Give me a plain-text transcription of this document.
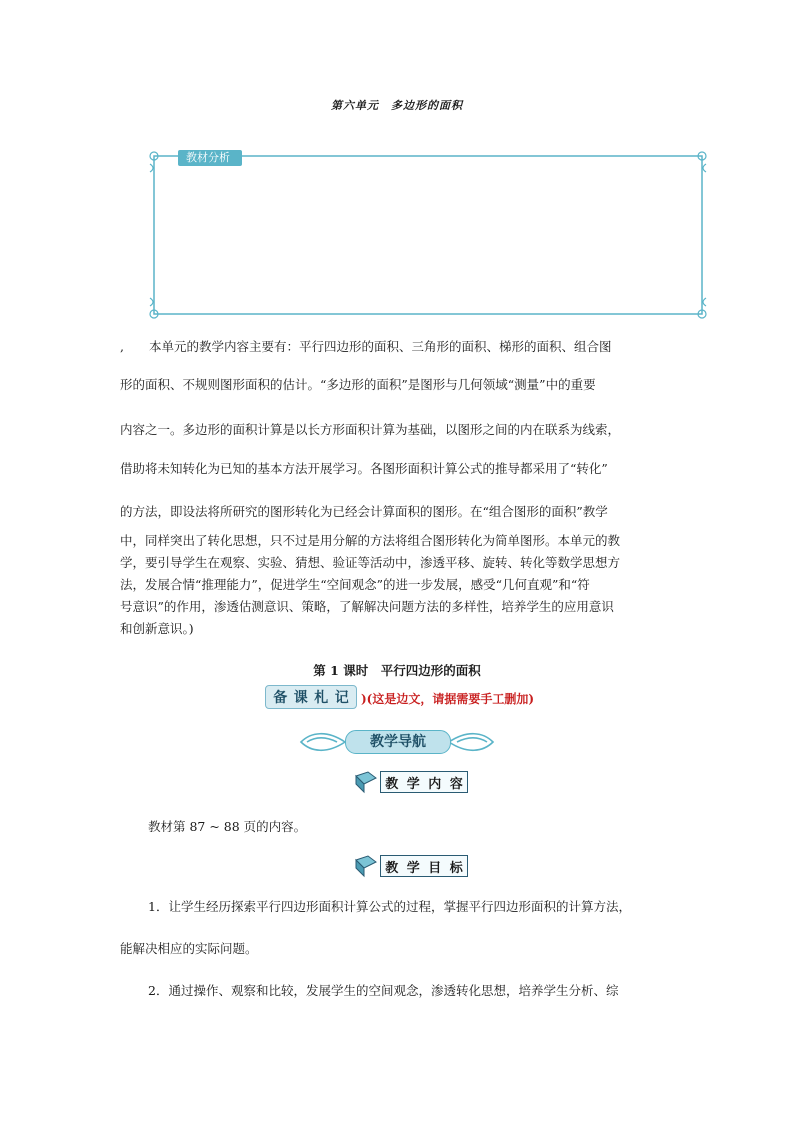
第六单元　多边形的面积
教材分析
,　　本单元的教学内容主要有：平行四边形的面积、三角形的面积、梯形的面积、组合图
形的面积、不规则图形面积的估计。“多边形的面积”是图形与几何领域“测量”中的重要
内容之一。多边形的面积计算是以长方形面积计算为基础，以图形之间的内在联系为线索，
借助将未知转化为已知的基本方法开展学习。各图形面积计算公式的推导都采用了“转化”
的方法，即设法将所研究的图形转化为已经会计算面积的图形。在“组合图形的面积”教学
中，同样突出了转化思想，只不过是用分解的方法将组合图形转化为简单图形。本单元的教
学，要引导学生在观察、实验、猜想、验证等活动中，渗透平移、旋转、转化等数学思想方
法，发展合情“推理能力”，促进学生“空间观念”的进一步发展，感受“几何直观”和“符
号意识”的作用，渗透估测意识、策略，了解解决问题方法的多样性，培养学生的应用意识
和创新意识。)
第 1 课时　平行四边形的面积
备 课 札 记 )(这是边文，请据需要手工删加)
教学导航
教 学 内 容
教材第 87 ~ 88 页的内容。
教 学 目 标
1．让学生经历探索平行四边形面积计算公式的过程，掌握平行四边形面积的计算方法，
能解决相应的实际问题。
2．通过操作、观察和比较，发展学生的空间观念，渗透转化思想，培养学生分析、综
